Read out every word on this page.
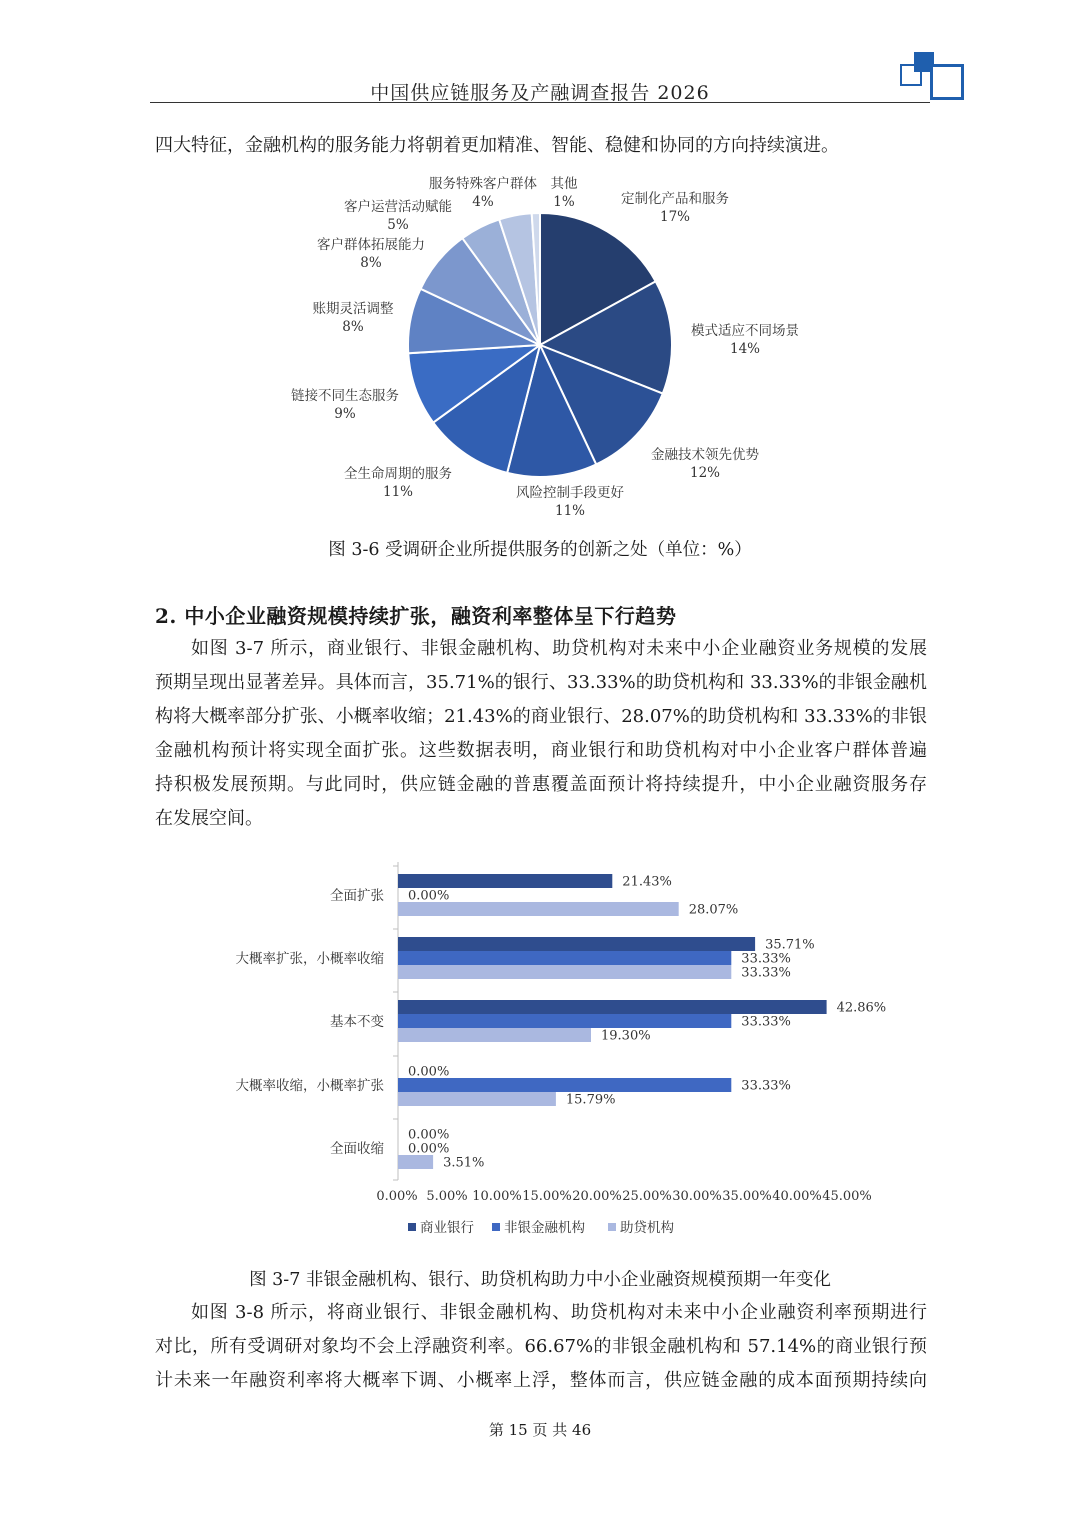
中国供应链服务及产融调查报告 2026

四大特征，金融机构的服务能力将朝着更加精准、智能、稳健和协同的方向持续演进。

定制化产品和服务
17%
模式适应不同场景
14%
金融技术领先优势
12%
风险控制手段更好
11%
全生命周期的服务
11%
链接不同生态服务
9%
账期灵活调整
8%
客户群体拓展能力
8%
客户运营活动赋能
5%
服务特殊客户群体
4%
其他
1%
图 3-6 受调研企业所提供服务的创新之处（单位：%）
2. 中小企业融资规模持续扩张，融资利率整体呈下行趋势

如图 3-7 所示，商业银行、非银金融机构、助贷机构对未来中小企业融资业务规模的发展

预期呈现出显著差异。具体而言，35.71%的银行、33.33%的助贷机构和 33.33%的非银金融机

构将大概率部分扩张、小概率收缩；21.43%的商业银行、28.07%的助贷机构和 33.33%的非银

金融机构预计将实现全面扩张。这些数据表明，商业银行和助贷机构对中小企业客户群体普遍

持积极发展预期。与此同时，供应链金融的普惠覆盖面预计将持续提升，中小企业融资服务存

在发展空间。

全面扩张
大概率扩张，小概率收缩
基本不变
大概率收缩，小概率扩张
全面收缩
21.43%
35.71%
42.86%
0.00%
0.00%
0.00%
33.33%
33.33%
33.33%
0.00%
28.07%
33.33%
19.30%
15.79%
3.51%
0.00% 5.00% 10.00% 15.00% 20.00% 25.00% 30.00% 35.00% 40.00% 45.00%
商业银行 非银金融机构	助贷机构
图 3-7 非银金融机构、银行、助贷机构助力中小企业融资规模预期一年变化

如图 3-8 所示，将商业银行、非银金融机构、助贷机构对未来中小企业融资利率预期进行

对比，所有受调研对象均不会上浮融资利率。66.67%的非银金融机构和 57.14%的商业银行预

计未来一年融资利率将大概率下调、小概率上浮，整体而言，供应链金融的成本面预期持续向

第 15 页 共 46
